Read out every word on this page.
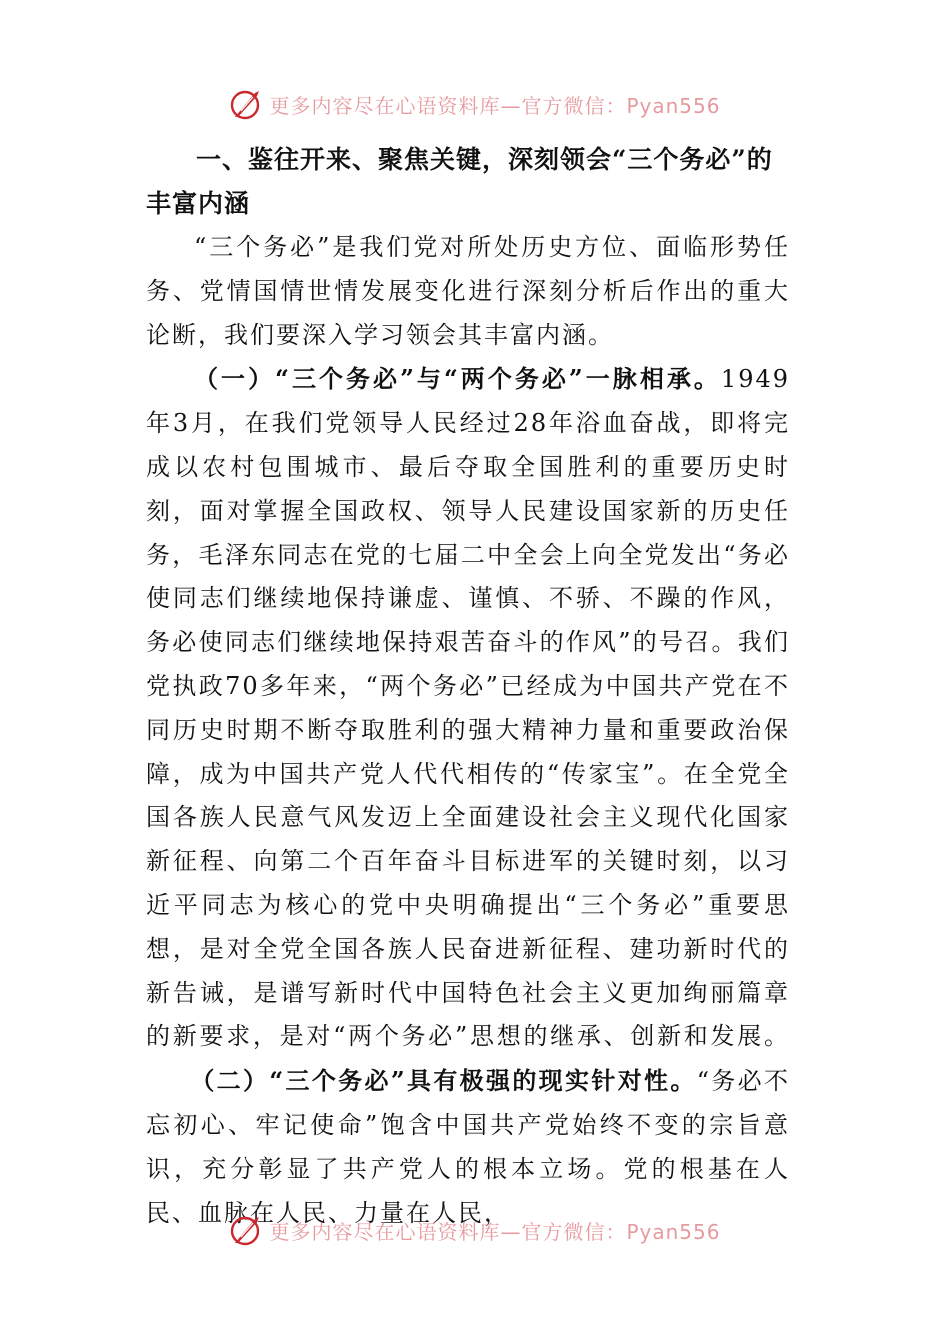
更多内容尽在心语资料库—官方微信：Pyan556
一、鉴往开来、聚焦关键，深刻领会“三个务必”的丰富内涵

“三个务必”是我们党对所处历史方位、面临形势任务、党情国情世情发展变化进行深刻分析后作出的重大论断，我们要深入学习领会其丰富内涵。

（一）“三个务必”与“两个务必”一脉相承。1949年3月，在我们党领导人民经过28年浴血奋战，即将完成以农村包围城市、最后夺取全国胜利的重要历史时刻，面对掌握全国政权、领导人民建设国家新的历史任务，毛泽东同志在党的七届二中全会上向全党发出“务必使同志们继续地保持谦虚、谨慎、不骄、不躁的作风，务必使同志们继续地保持艰苦奋斗的作风”的号召。我们党执政70多年来，“两个务必”已经成为中国共产党在不同历史时期不断夺取胜利的强大精神力量和重要政治保障，成为中国共产党人代代相传的“传家宝”。在全党全国各族人民意气风发迈上全面建设社会主义现代化国家新征程、向第二个百年奋斗目标进军的关键时刻，以习近平同志为核心的党中央明确提出“三个务必”重要思想，是对全党全国各族人民奋进新征程、建功新时代的新告诫，是谱写新时代中国特色社会主义更加绚丽篇章的新要求，是对“两个务必”思想的继承、创新和发展。（二）“三个务必”具有极强的现实针对性。“务必不忘初心、牢记使命”饱含中国共产党始终不变的宗旨意识，充分彰显了共产党人的根本立场。党的根基在人民、血脉在人民、力量在人民，

更多内容尽在心语资料库—官方微信：Pyan556
